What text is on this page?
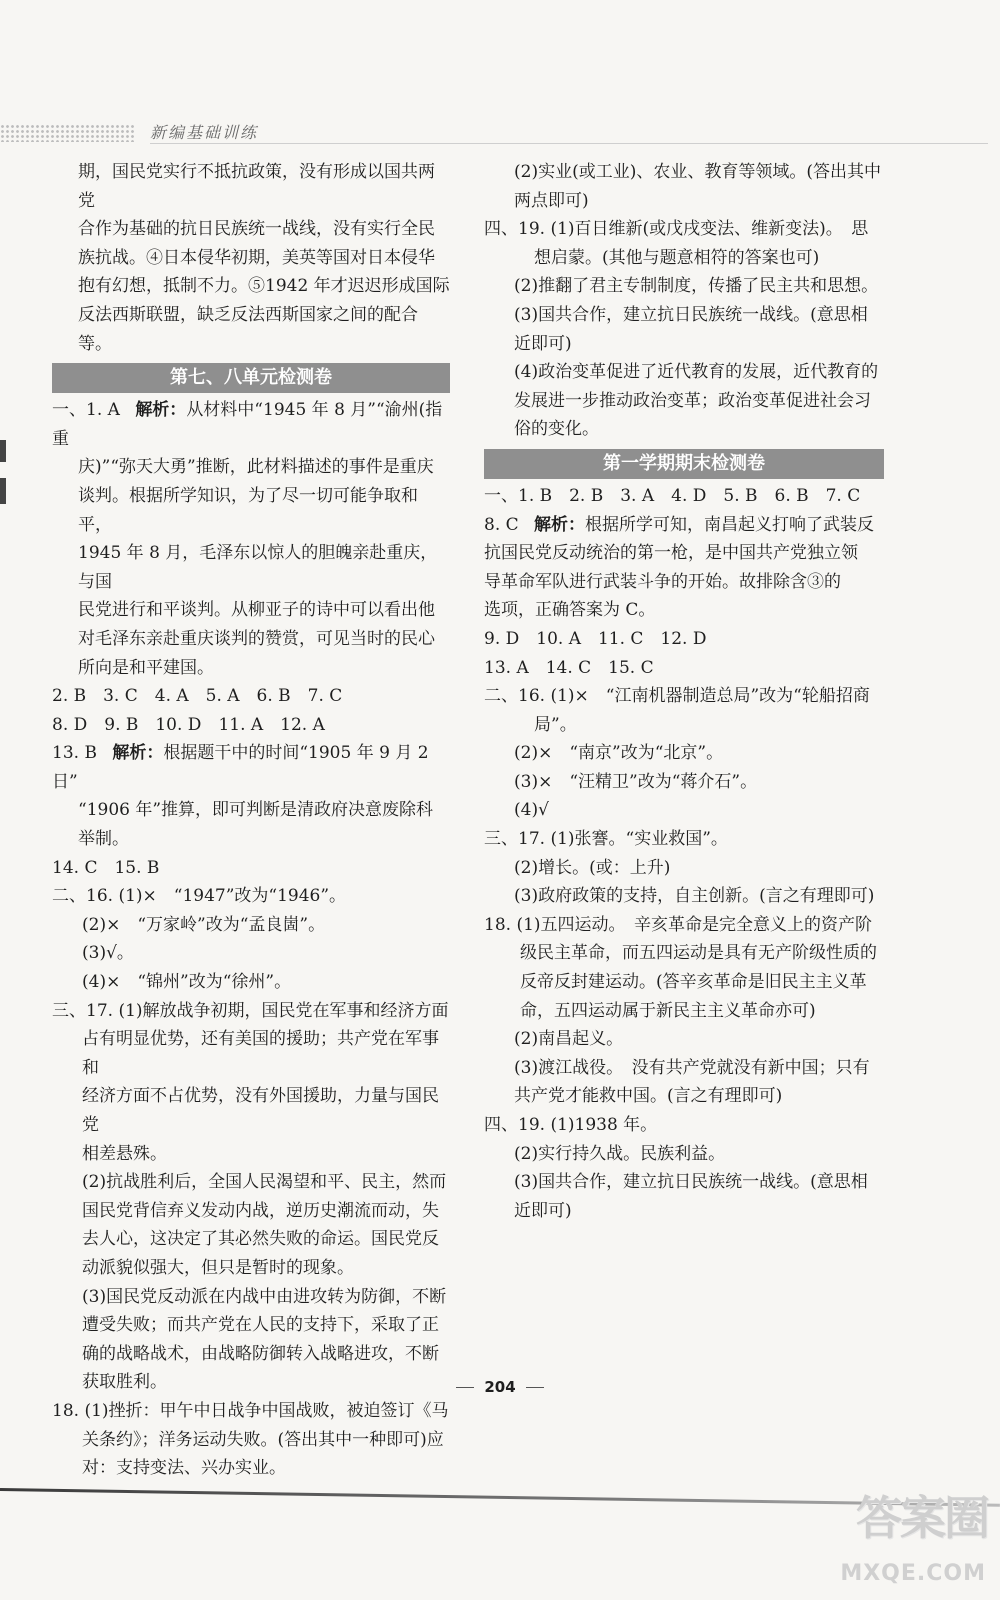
新编基础训练

期，国民党实行不抵抗政策，没有形成以国共两党

合作为基础的抗日民族统一战线，没有实行全民

族抗战。④日本侵华初期，美英等国对日本侵华

抱有幻想，抵制不力。⑤1942 年才迟迟形成国际

反法西斯联盟，缺乏反法西斯国家之间的配合等。

第七、八单元检测卷

一、1. A 解析：从材料中“1945 年 8 月”“渝州(指重

庆)”“弥天大勇”推断，此材料描述的事件是重庆

谈判。根据所学知识，为了尽一切可能争取和平，

1945 年 8 月，毛泽东以惊人的胆魄亲赴重庆，与国

民党进行和平谈判。从柳亚子的诗中可以看出他

对毛泽东亲赴重庆谈判的赞赏，可见当时的民心

所向是和平建国。

2. B　3. C　4. A　5. A　6. B　7. C

8. D　9. B　10. D　11. A　12. A

13. B 解析：根据题干中的时间“1905 年 9 月 2 日”

“1906 年”推算，即可判断是清政府决意废除科

举制。

14. C　15. B

二、16. (1)×　“1947”改为“1946”。

(2)×　“万家岭”改为“孟良崮”。

(3)√。

(4)×　“锦州”改为“徐州”。

三、17. (1)解放战争初期，国民党在军事和经济方面

占有明显优势，还有美国的援助；共产党在军事和

经济方面不占优势，没有外国援助，力量与国民党

相差悬殊。

(2)抗战胜利后，全国人民渴望和平、民主，然而国民党背信弃义发动内战，逆历史潮流而动，失去人心，这决定了其必然失败的命运。国民党反动派貌似强大，但只是暂时的现象。

(3)国民党反动派在内战中由进攻转为防御，不断遭受失败；而共产党在人民的支持下，采取了正确的战略战术，由战略防御转入战略进攻，不断获取胜利。

18. (1)挫折：甲午中日战争中国战败，被迫签订《马关条约》；洋务运动失败。(答出其中一种即可)应对：支持变法、兴办实业。

(2)实业(或工业)、农业、教育等领域。(答出其中两点即可)

四、19. (1)百日维新(或戊戌变法、维新变法)。　思想启蒙。(其他与题意相符的答案也可)

(2)推翻了君主专制制度，传播了民主共和思想。

(3)国共合作，建立抗日民族统一战线。(意思相近即可)

(4)政治变革促进了近代教育的发展，近代教育的发展进一步推动政治变革；政治变革促进社会习俗的变化。

第一学期期末检测卷

一、1. B　2. B　3. A　4. D　5. B　6. B　7. C

8. C 解析：根据所学可知，南昌起义打响了武装反

抗国民党反动统治的第一枪，是中国共产党独立领

导革命军队进行武装斗争的开始。故排除含③的

选项，正确答案为 C。

9. D　10. A　11. C　12. D

13. A　14. C　15. C

二、16. (1)×　“江南机器制造总局”改为“轮船招商局”。

(2)×　“南京”改为“北京”。

(3)×　“汪精卫”改为“蒋介石”。

(4)√

三、17. (1)张謇。“实业救国”。

(2)增长。(或：上升)

(3)政府政策的支持，自主创新。(言之有理即可)

18. (1)五四运动。　辛亥革命是完全意义上的资产阶级民主革命，而五四运动是具有无产阶级性质的反帝反封建运动。(答辛亥革命是旧民主主义革命，五四运动属于新民主主义革命亦可)

(2)南昌起义。

(3)渡江战役。　没有共产党就没有新中国；只有共产党才能救中国。(言之有理即可)

四、19. (1)1938 年。

(2)实行持久战。民族利益。

(3)国共合作，建立抗日民族统一战线。(意思相近即可)

204
答案圈
MXQE.COM
